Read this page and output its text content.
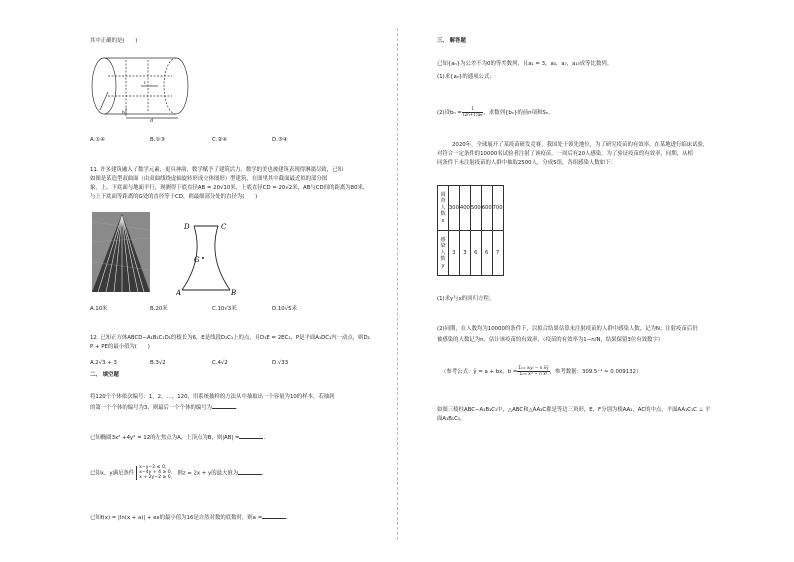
其中正确的是(　　)
r
h
d
A.①④	B.①③	C.②④	D.③④
11. 许多建筑融入了数学元素，更具神韵，数学赋予了建筑活力，数学的美也被建筑表现得淋漓尽致，已知
如图是某造型双曲面（由双曲线绕虚轴旋转形成立体图形）型建筑，在图里其中截面最近似的部分图
象，上、下底面与地面平行，现测得下底直径AB = 20√10米，上底直径CD = 20√2米，AB与CD间的距离为80米，
与上下底面等距离的G处的直径等于CD，则最细部分处的直径为(　　)
D	C
G
A	B
A.10米	B.20米	C.10√3米	D.10√5米
12. 已知正方体ABCD−A₁B₁C₁D₁的棱长为6，E是线段D₁C₁上的点，且D₁E = 2EC₁，P是平面A₁DC₁内一动点，则D₁
P + PE的最小值为(　　)
A.2√3 + 3	B.3√2	C.4√2	D.√33
二、 填空题
将120个个体依次编号：1，2，…，120，用系统抽样的方法从中抽取出一个容量为10的样本，若抽到
的第一个个体的编号为3，则最后一个个体的编号为	.
已知椭圆3x² +4y² = 12的左焦点为A，上顶点为B，则|AB| =	.
已知x，y满足条件
x−y−2 ≤ 0，
x−4y + 4 ≥ 0，
x + 2y−2 ≥ 0，
则z = 2x + y的最大值为	.
已知f(x) = |ln(x + a)| + ex的最小值为16是自然对数的底数时，则a =	.
三、 解答题
已知{aₙ}为公差不为0的等差数列，且a₁ = 3，a₃，a₇，a₁₅成等比数列。
(1)求{aₙ}的通项公式；
(2)设bₙ =
1
(2n+1)a𝑛 ，求数列{bₙ}的前n项和Sₙ。
2020年，全球展开了某疫苗研发竞赛，我国处于领先地位，为了研究疫苗的有效率，在某地进行临床试验，
对符合一定条件的10000名试验者注射了该疫苗，一周后有20人感染，为了验证疫苗的有效率，同期，从相
同条件下未注射疫苗的人群中抽取2500人，分成5组，各组感染人数如下：
调查人数x	300	400	500	600	700

感染人数y	3	3	6	6	7
(1)求y与x的回归方程；
(2)同期，在人数均为10000的条件下，以拟合结果估算未注射疫苗的人群中感染人数，记为N；注射疫苗后仍
被感染的人数记为n，估计该疫苗的有效率，（疫苗的有效率为1−n/N，结果保留3位有效数字）
（参考公式：ŷ = a + bx，b =
Σᵢ₌₁ xᵢyᵢ − n x̄ȳ
Σᵢ₌₁ xᵢ² − n x̄² ，参考数据：309.5⁻¹ ≈ 0.009132）
如图三棱柱ABC−A₁B₁C₁中，△ABC和△AA₁C都是等边三角形，E，F分别为棱AA₁，AC的中点，平面AA₁C₁C ⊥ 平
面A₁B₁C₁。
